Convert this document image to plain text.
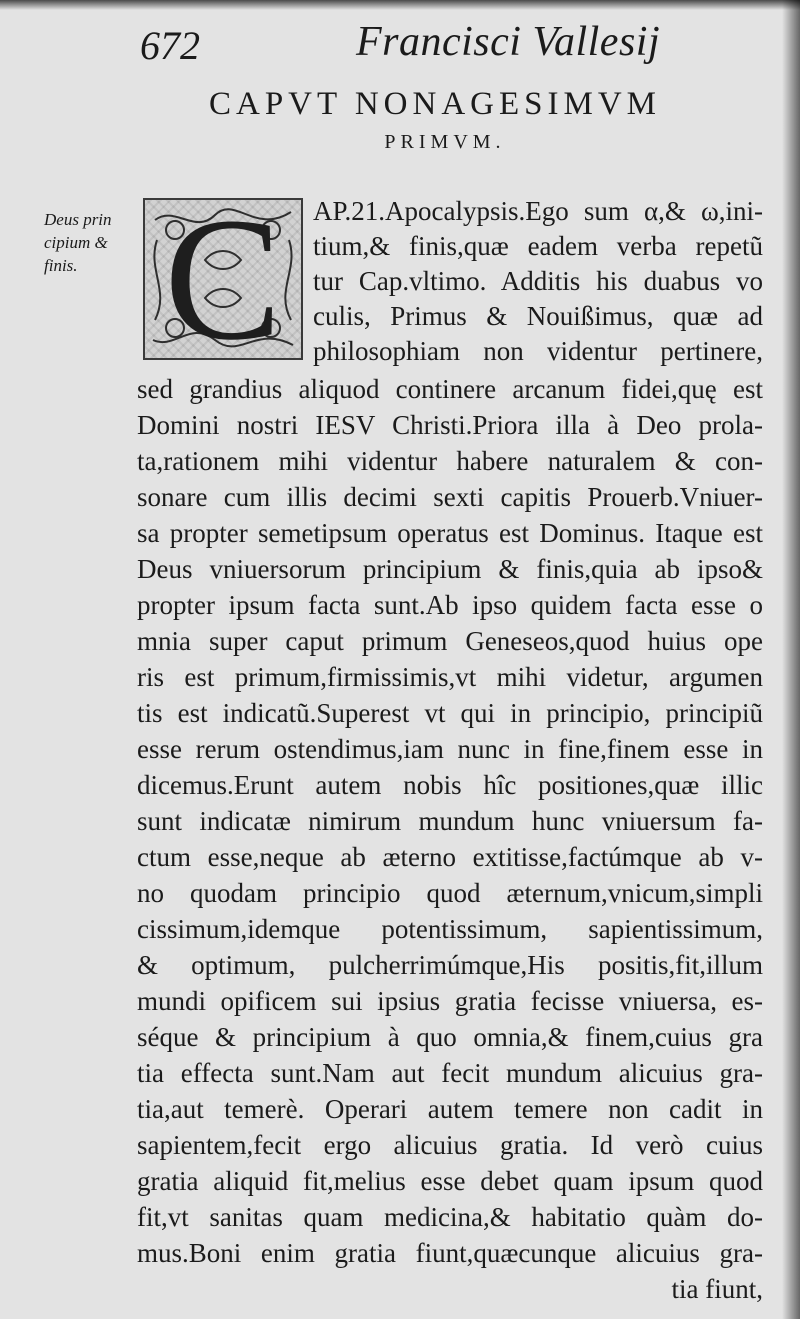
672	Francisci Vallesij
CAPVT NONAGESIMVM
PRIMVM.
Deus prin
cipium &
finis. C	AP.21.Apocalypsis.Ego sum α,& ω,ini-
tium,& finis,quæ eadem verba repetũ
tur Cap.vltimo. Additis his duabus vo
culis, Primus & Nouißimus, quæ ad
philosophiam non videntur pertinere,
sed grandius aliquod continere arcanum fidei,quę est
Domini nostri IESV Christi.Priora illa à Deo prola-
ta,rationem mihi videntur habere naturalem & con-
sonare cum illis decimi sexti capitis Prouerb.Vniuer-
sa propter semetipsum operatus est Dominus. Itaque est
Deus vniuersorum principium & finis,quia ab ipso&
propter ipsum facta sunt.Ab ipso quidem facta esse o
mnia super caput primum Geneseos,quod huius ope
ris est primum,firmissimis,vt mihi videtur, argumen
tis est indicatũ.Superest vt qui in principio, principiũ
esse rerum ostendimus,iam nunc in fine,finem esse in
dicemus.Erunt autem nobis hîc positiones,quæ illic
sunt indicatæ nimirum mundum hunc vniuersum fa-
ctum esse,neque ab æterno extitisse,factúmque ab v-
no quodam principio quod æternum,vnicum,simpli
cissimum,idemque potentissimum, sapientissimum,
& optimum, pulcherrimúmque,His positis,fit,illum
mundi opificem sui ipsius gratia fecisse vniuersa, es-
séque & principium à quo omnia,& finem,cuius gra
tia effecta sunt.Nam aut fecit mundum alicuius gra-
tia,aut temerè. Operari autem temere non cadit in
sapientem,fecit ergo alicuius gratia. Id verò cuius
gratia aliquid fit,melius esse debet quam ipsum quod
fit,vt sanitas quam medicina,& habitatio quàm do-
mus.Boni enim gratia fiunt,quæcunque alicuius gra-
tia fiunt,
